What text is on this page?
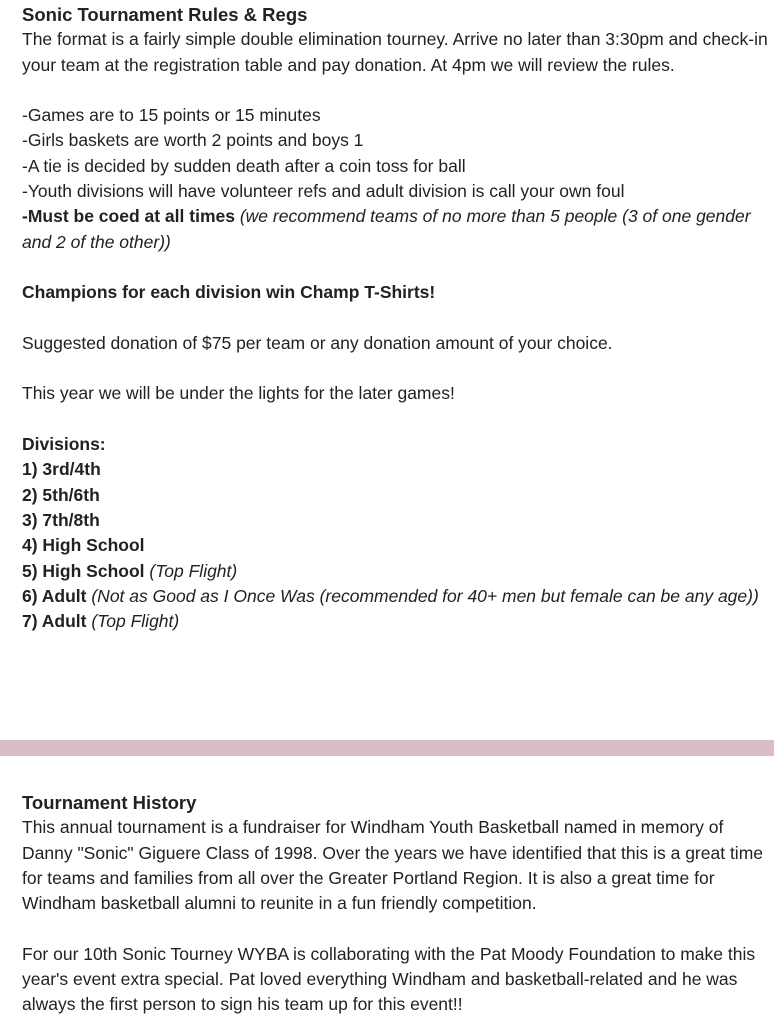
Sonic Tournament Rules & Regs

The format is a fairly simple double elimination tourney. Arrive no later than 3:30pm and check-in your team at the registration table and pay donation. At 4pm we will review the rules.

-Games are to 15 points or 15 minutes

-Girls baskets are worth 2 points and boys 1

-A tie is decided by sudden death after a coin toss for ball

-Youth divisions will have volunteer refs and adult division is call your own foul

-Must be coed at all times (we recommend teams of no more than 5 people (3 of one gender and 2 of the other))

Champions for each division win Champ T-Shirts!

Suggested donation of $75 per team or any donation amount of your choice.

This year we will be under the lights for the later games!

Divisions:

1) 3rd/4th

2) 5th/6th

3) 7th/8th

4) High School

5) High School (Top Flight)

6) Adult (Not as Good as I Once Was (recommended for 40+ men but female can be any age))

7) Adult (Top Flight)

Tournament History

This annual tournament is a fundraiser for Windham Youth Basketball named in memory of Danny "Sonic" Giguere Class of 1998. Over the years we have identified that this is a great time for teams and families from all over the Greater Portland Region. It is also a great time for Windham basketball alumni to reunite in a fun friendly competition.

For our 10th Sonic Tourney WYBA is collaborating with the Pat Moody Foundation to make this year's event extra special. Pat loved everything Windham and basketball-related and he was always the first person to sign his team up for this event!!
